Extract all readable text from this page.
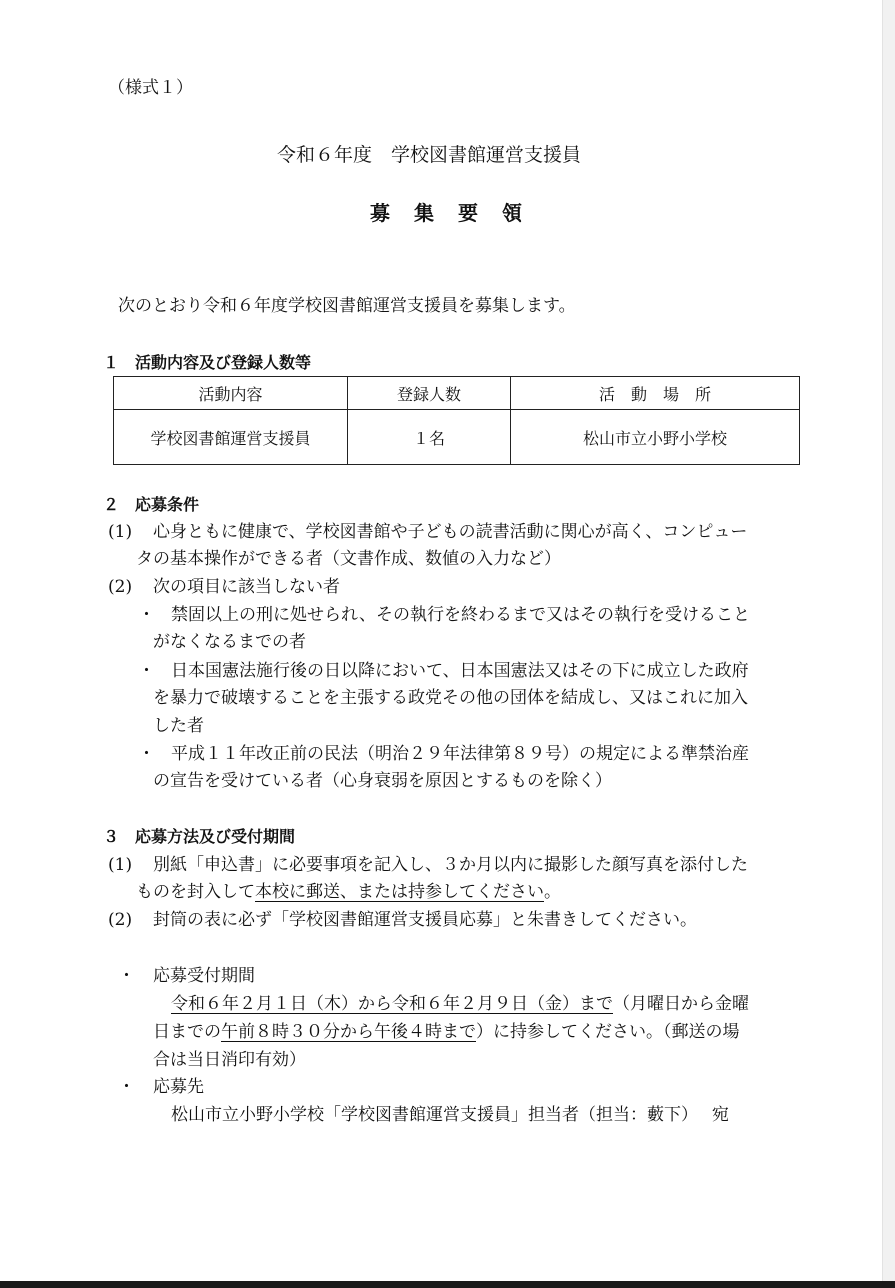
（様式１）
令和６年度　学校図書館運営支援員
募　集　要　領
次のとおり令和６年度学校図書館運営支援員を募集します。
１　活動内容及び登録人数等
活動内容	登録人数	活　動　場　所
学校図書館運営支援員	１名	松山市立小野小学校
２　応募条件
(1) 心身ともに健康で、学校図書館や子どもの読書活動に関心が高く、コンピュー
タの基本操作ができる者（文書作成、数値の入力など）
(2) 次の項目に該当しない者
・ 禁固以上の刑に処せられ、その執行を終わるまで又はその執行を受けること
がなくなるまでの者
・ 日本国憲法施行後の日以降において、日本国憲法又はその下に成立した政府
を暴力で破壊することを主張する政党その他の団体を結成し、又はこれに加入
した者
・ 平成１１年改正前の民法（明治２９年法律第８９号）の規定による準禁治産
の宣告を受けている者（心身衰弱を原因とするものを除く）
３　応募方法及び受付期間
(1) 別紙「申込書」に必要事項を記入し、３か月以内に撮影した顔写真を添付した
ものを封入して本校に郵送、または持参してください。
(2) 封筒の表に必ず「学校図書館運営支援員応募」と朱書きしてください。
・ 応募受付期間
令和６年２月１日（木）から令和６年２月９日（金）まで（月曜日から金曜
日までの午前８時３０分から午後４時まで）に持参してください。（郵送の場
合は当日消印有効）
・ 応募先
松山市立小野小学校「学校図書館運営支援員」担当者（担当：藪下）　 宛
